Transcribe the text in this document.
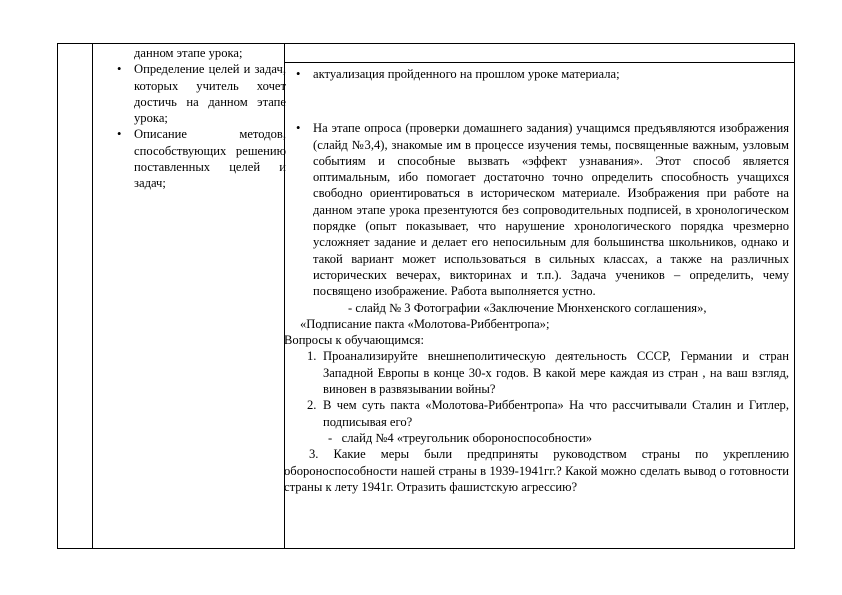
данном этапе урока;

• Определение целей и задач, которых учитель хочет достичь на данном этапе урока;
• Описание методов, способствующих решению поставленных целей и задач;
• актуализация пройденного на прошлом уроке материала;
• На этапе опроса (проверки домашнего задания) учащимся предъявляются изображения (слайд №3,4), знакомые им в процессе изучения темы, посвященные важным, узловым событиям и способные вызвать «эффект узнавания». Этот способ является оптимальным, ибо помогает достаточно точно определить способность учащихся свободно ориентироваться в историческом материале. Изображения при работе на данном этапе урока презентуются без сопроводительных подписей, в хронологическом порядке (опыт показывает, что нарушение хронологического порядка чрезмерно усложняет задание и делает его непосильным для большинства школьников, однако и такой вариант может использоваться в сильных классах, а также на различных исторических вечерах, викторинах и т.п.). Задача учеников – определить, чему посвящено изображение. Работа выполняется устно.

- слайд № 3 Фотографии «Заключение Мюнхенского соглашения»,

«Подписание пакта «Молотова-Риббентропа»;

Вопросы к обучающимся:

1. Проанализируйте внешнеполитическую деятельность СССР, Германии и стран Западной Европы в конце 30-х годов. В какой мере каждая из стран , на ваш взгляд, виновен в развязывании войны?
2. В чем суть пакта «Молотова-Риббентропа» На что рассчитывали Сталин и Гитлер, подписывая его?

-   слайд №4 «треугольник обороноспособности»

3. Какие меры были предприняты руководством страны по укреплению обороноспособности нашей страны в 1939-1941гг.? Какой можно сделать вывод о готовности страны к лету 1941г. Отразить фашистскую агрессию?
